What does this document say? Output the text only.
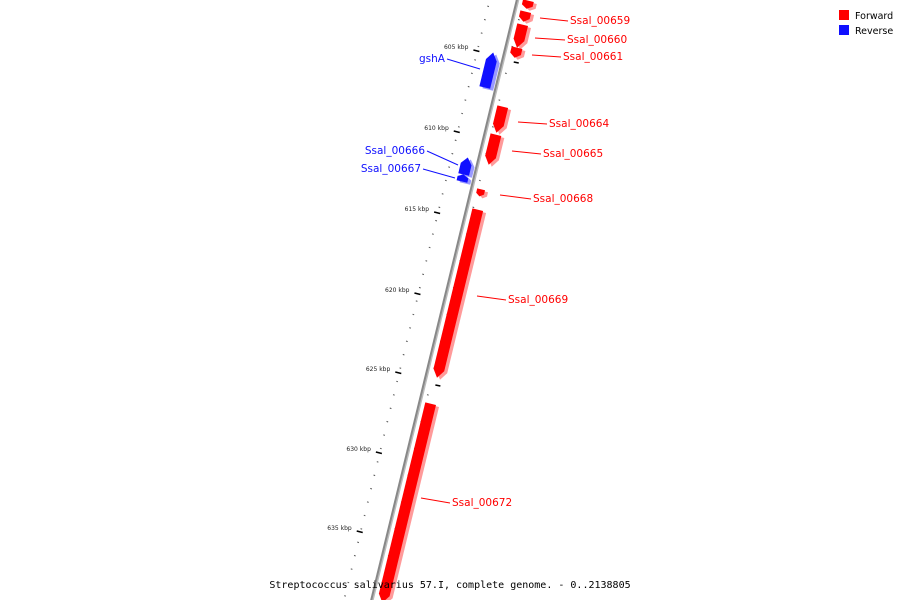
605 kbp
610 kbp
615 kbp
620 kbp
625 kbp
630 kbp
635 kbp
Ssal_00659
Ssal_00660
Ssal_00661
gshA
Ssal_00664
Ssal_00665
Ssal_00666
Ssal_00667
Ssal_00668
Ssal_00669
Ssal_00672
Forward
Reverse
Streptococcus salivarius 57.I, complete genome. - 0..2138805
